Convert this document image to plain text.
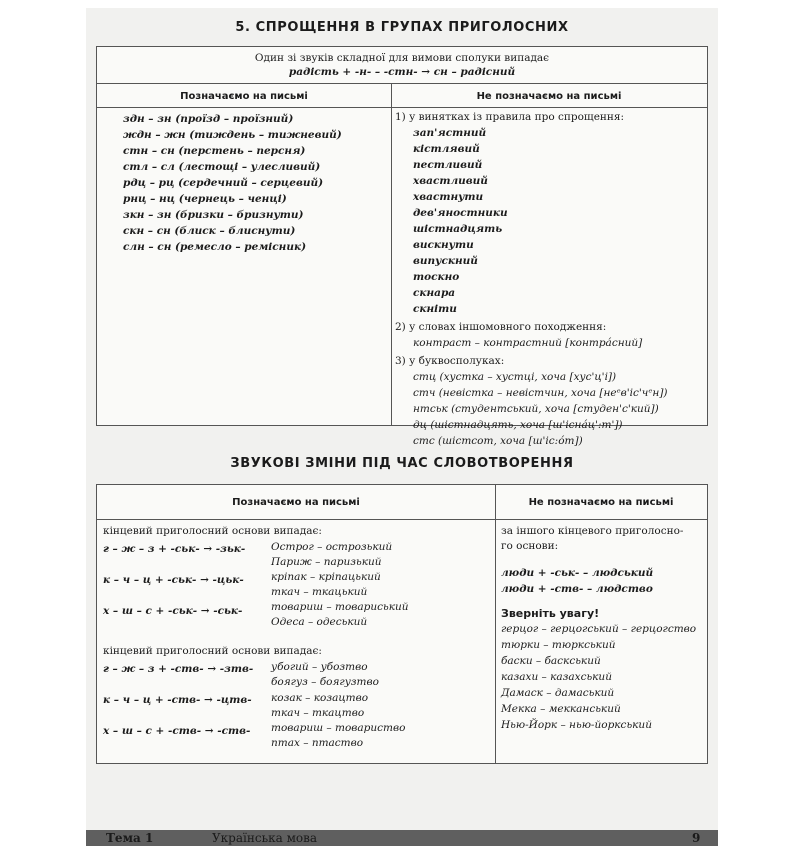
5. СПРОЩЕННЯ В ГРУПАХ ПРИГОЛОСНИХ
Один зі звуків складної для вимови сполуки випадає
радість + -н- – -стн- → сн – радісний
Позначаємо на письмі	Не позначаємо на письмі
здн – зн (проїзд – проїзний)
ждн – жн (тиждень – тижневий)
стн – сн (перстень – персня)
стл – сл (лестощі – улесливий)
рдц – рц (сердечний – серцевий)
рнц – нц (чернець – ченці)
зкн – зн (бризки – бризнути)
скн – сн (блиск – блиснути)
слн – сн (ремесло – ремісник)
1) у винятках із правила про спрощення:
зап'ястний
кістлявий
пестливий
хвастливий
хвастнути
дев'яностники
шістнадцять
вискнути
випускний
тоскно
скнара
скніти
2) у словах іншомовного походження:
контраст – контрастний [контра́сний]
3) у буквосполуках:
стц (хустка – хустці, хоча [хус'ц'і])
стч (невістка – невістчин, хоча [неᵉв'іс'чᵉн])
нтськ (студентський, хоча [студен'с'кий])
дц (шістнадцять, хоча [ш'існа́ц':т'])
стс (шістсот, хоча [ш'іс:о́т])
ЗВУКОВІ ЗМІНИ ПІД ЧАС СЛОВОТВОРЕННЯ
Позначаємо на письмі	Не позначаємо на письмі
кінцевий приголосний основи випадає:
г – ж – з + -ськ- → -зьк- Острог – острозький
Париж – паризький
к – ч – ц + -ськ- → -цьк-	кріпак – кріпацький
ткач – ткацький
х – ш – с + -ськ- → -ськ-	товариш – товариський
Одеса – одеський
кінцевий приголосний основи випадає:
г – ж – з + -ств- → -зтв- убогий – убозтво
боягуз – боягузтво
к – ч – ц + -ств- → -цтв- козак – козацтво
ткач – ткацтво
х – ш – с + -ств- → -ств- товариш – товариство
птах – птаство
за іншого кінцевого приголосно-
го основи:
люди + -ськ- – людський
люди + -ств- – людство
Зверніть увагу!
герцог – герцогський – герцогство
тюрки – тюркський
баски – баскський
казахи – казахський
Дамаск – дамаський
Мекка – мекканський
Нью-Йорк – нью-йоркський
Тема 1	Українська мова	9
